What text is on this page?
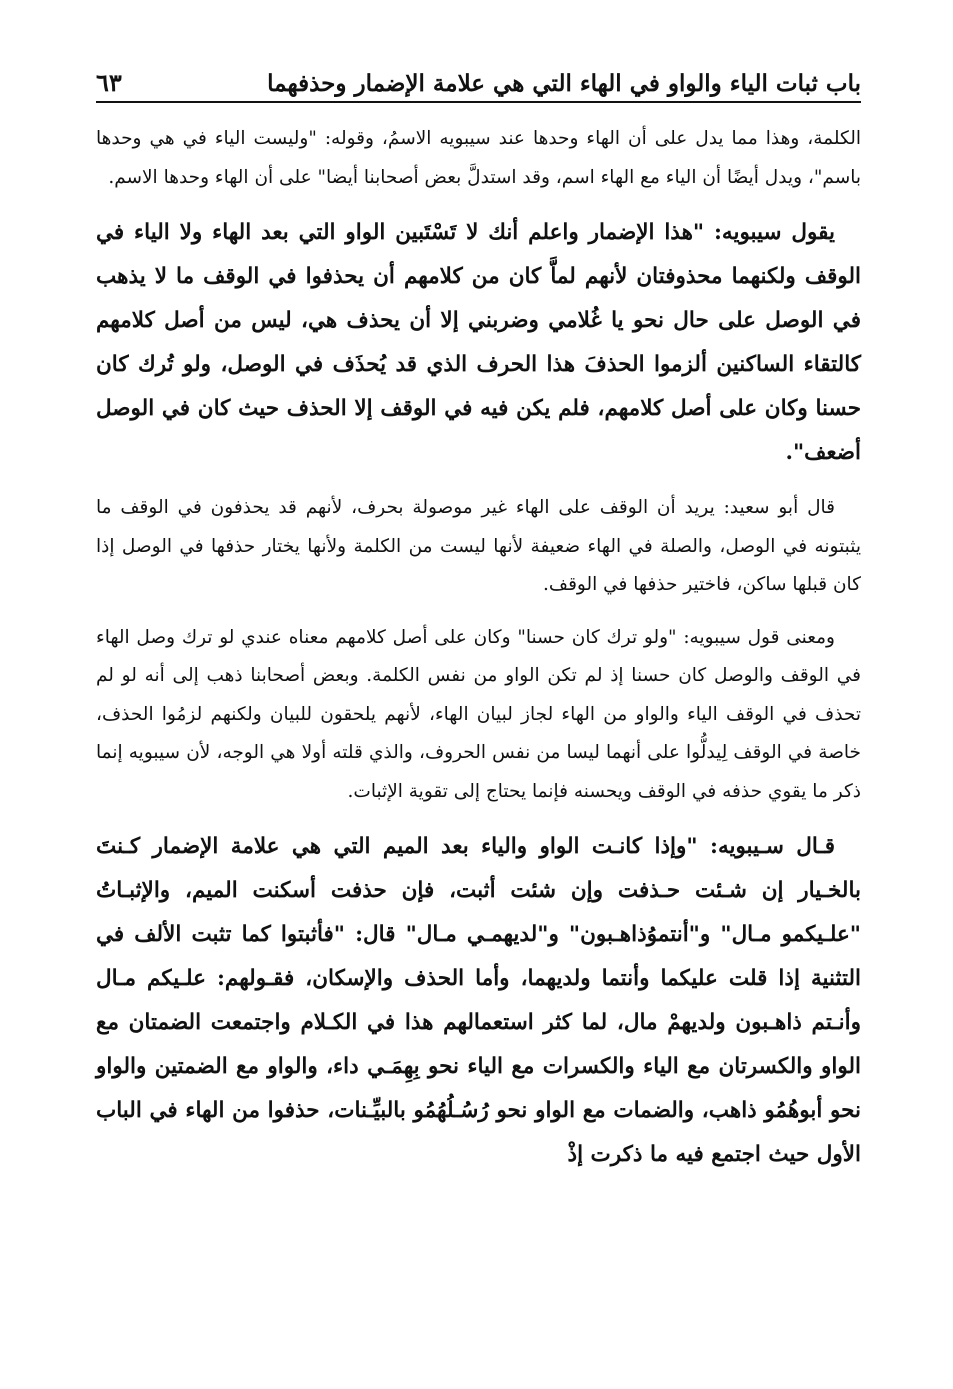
باب ثبات الياء والواو في الهاء التي هي علامة الإضمار وحذفهما
٦٣

الكلمة، وهذا مما يدل على أن الهاء وحدها عند سيبويه الاسمُ، وقوله: "وليست الياء في هي وحدها باسم"، ويدل أيضًا أن الياء مع الهاء اسم، وقد استدلَّ بعض أصحابنا أيضا" على أن الهاء وحدها الاسم.

يقول سيبويه: "هذا الإضمار واعلم أنك لا تَسْتَبين الواو التي بعد الهاء ولا الياء في الوقف ولكنهما محذوفتان لأنهم لماَّ كان من كلامهم أن يحذفوا في الوقف ما لا يذهب في الوصل على حال نحو يا غُلامي وضربني إلا أن يحذف هي، ليس من أصل كلامهم كالتقاء الساكنين ألزموا الحذفَ هذا الحرف الذي قد يُحذَف في الوصل، ولو تُرك كان حسنا وكان على أصل كلامهم، فلم يكن فيه في الوقف إلا الحذف حيث كان في الوصل أضعف".

قال أبو سعيد: يريد أن الوقف على الهاء غير موصولة بحرف، لأنهم قد يحذفون في الوقف ما يثبتونه في الوصل، والصلة في الهاء ضعيفة لأنها ليست من الكلمة ولأنها يختار حذفها في الوصل إذا كان قبلها ساكن، فاختير حذفها في الوقف.

ومعنى قول سيبويه: "ولو ترك كان حسنا" وكان على أصل كلامهم معناه عندي لو ترك وصل الهاء في الوقف والوصل كان حسنا إذ لم تكن الواو من نفس الكلمة. وبعض أصحابنا ذهب إلى أنه لو لم تحذف في الوقف الياء والواو من الهاء لجاز لبيان الهاء، لأنهم يلحقون للبيان ولكنهم لزمُوا الحذف، خاصة في الوقف لِيدلُّوا على أنهما ليسا من نفس الحروف، والذي قلته أولا هي الوجه، لأن سيبويه إنما ذكر ما يقوي حذفه في الوقف ويحسنه فإنما يحتاج إلى تقوية الإثبات.

قـال سـيبويه: "وإذا كانـت الواو والياء بعد الميم التي هي علامة الإضمار كـنتَ بالخـيار إن شـئت حـذفت وإن شئت أثبت، فإن حذفت أسكنت الميم، والإثبـاتُ "علـيكمو مـال" و"أنتموُذاهـبون" و"لديهمـي مـال" قال: "فأثبتوا كما تثبت الألف في التثنية إذا قلت عليكما وأنتما ولديهما، وأما الحذف والإسكان، فقـولهم: علـيكم مـال وأنـتم ذاهـبون ولديهمْ مال، لما كثر استعمالهم هذا في الكـلام واجتمعت الضمتان مع الواو والكسرتان مع الياء والكسرات مع الياء نحو بِهِمَـي داء، والواو مع الضمتين والواو نحو أبوهُمُو ذاهب، والضمات مع الواو نحو رُسُـلُهُمُو بالبيِّـنات، حذفوا من الهاء في الباب الأول حيث اجتمع فيه ما ذكرت إذْ
